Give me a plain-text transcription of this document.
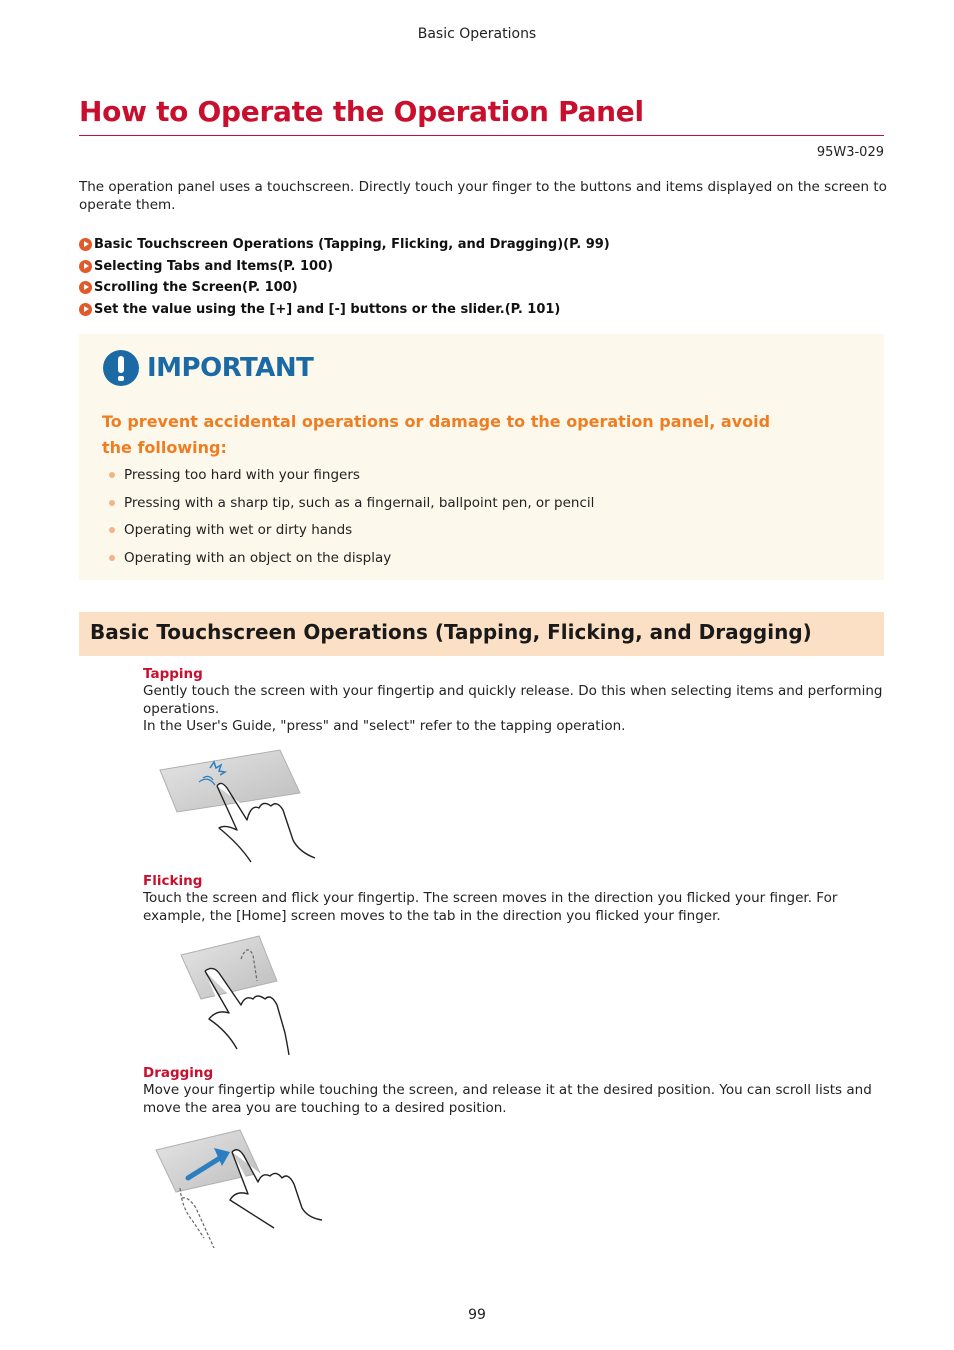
Basic Operations
How to Operate the Operation Panel
95W3-029

The operation panel uses a touchscreen. Directly touch your finger to the buttons and items displayed on the screen to operate them.

Basic Touchscreen Operations (Tapping, Flicking, and Dragging)(P. 99)
Selecting Tabs and Items(P. 100)
Scrolling the Screen(P. 100)
Set the value using the [+] and [-] buttons or the slider.(P. 101)
IMPORTANT
To prevent accidental operations or damage to the operation panel, avoid the following:
Pressing too hard with your fingers
Pressing with a sharp tip, such as a fingernail, ballpoint pen, or pencil
Operating with wet or dirty hands
Operating with an object on the display
Basic Touchscreen Operations (Tapping, Flicking, and Dragging)
Tapping
Gently touch the screen with your fingertip and quickly release. Do this when selecting items and performing operations.
In the User's Guide, "press" and "select" refer to the tapping operation.
Flicking
Touch the screen and flick your fingertip. The screen moves in the direction you flicked your finger. For example, the [Home] screen moves to the tab in the direction you flicked your finger.
Dragging
Move your fingertip while touching the screen, and release it at the desired position. You can scroll lists and move the area you are touching to a desired position.
99
